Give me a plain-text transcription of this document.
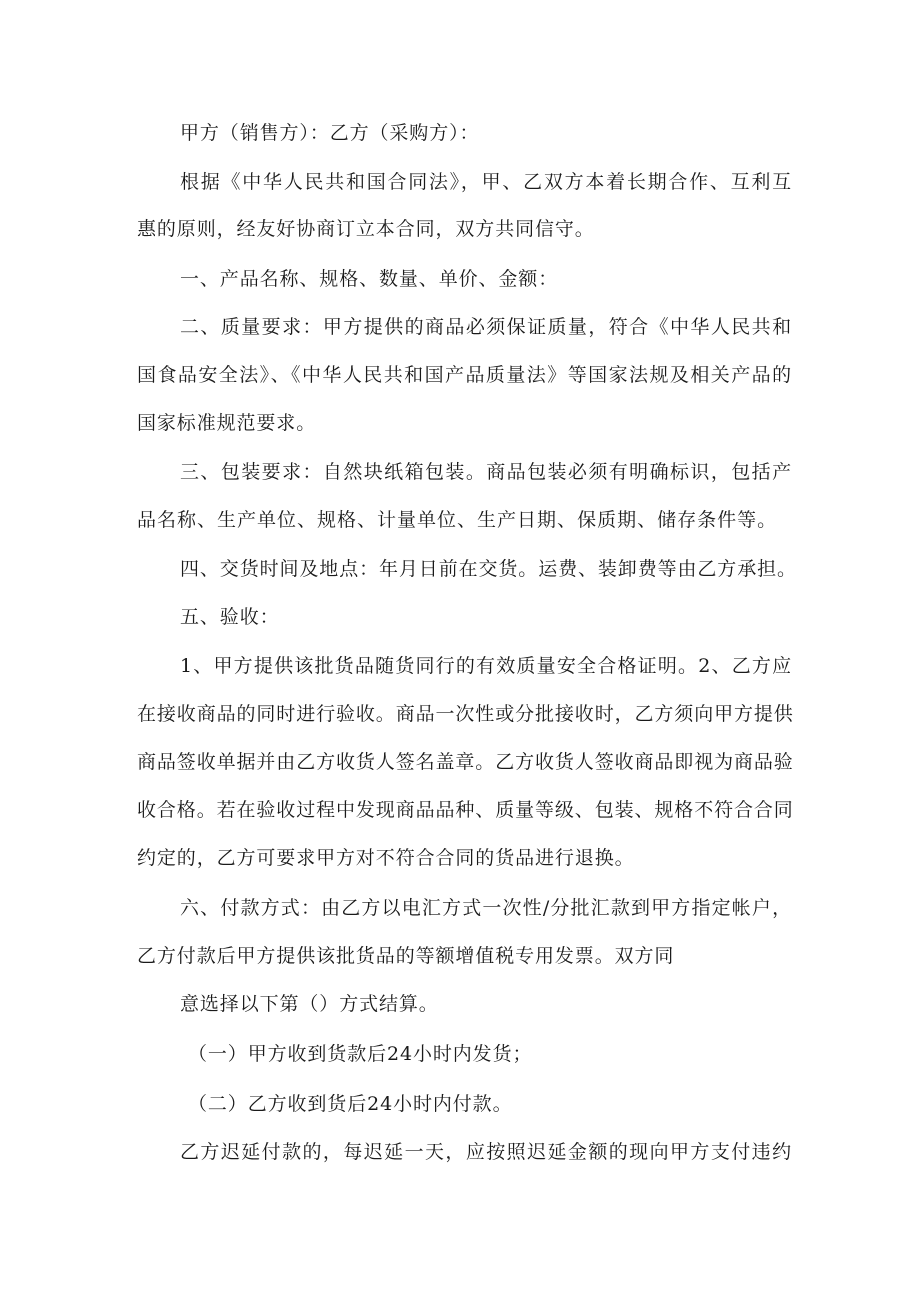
甲方（销售方）：乙方（采购方）：
根据《中华人民共和国合同法》，甲、乙双方本着长期合作、互利互
惠的原则，经友好协商订立本合同，双方共同信守。
一、产品名称、规格、数量、单价、金额：
二、质量要求：甲方提供的商品必须保证质量，符合《中华人民共和
国食品安全法》、《中华人民共和国产品质量法》等国家法规及相关产品的
国家标准规范要求。
三、包装要求：自然块纸箱包装。商品包装必须有明确标识，包括产
品名称、生产单位、规格、计量单位、生产日期、保质期、储存条件等。
四、交货时间及地点：年月日前在交货。运费、装卸费等由乙方承担。
五、验收：
1、甲方提供该批货品随货同行的有效质量安全合格证明。2、乙方应
在接收商品的同时进行验收。商品一次性或分批接收时，乙方须向甲方提供
商品签收单据并由乙方收货人签名盖章。乙方收货人签收商品即视为商品验
收合格。若在验收过程中发现商品品种、质量等级、包装、规格不符合合同
约定的，乙方可要求甲方对不符合合同的货品进行退换。
六、付款方式：由乙方以电汇方式一次性/分批汇款到甲方指定帐户，
乙方付款后甲方提供该批货品的等额增值税专用发票。双方同
意选择以下第（）方式结算。
（一）甲方收到货款后24小时内发货；
（二）乙方收到货后24小时内付款。
乙方迟延付款的，每迟延一天，应按照迟延金额的现向甲方支付违约
